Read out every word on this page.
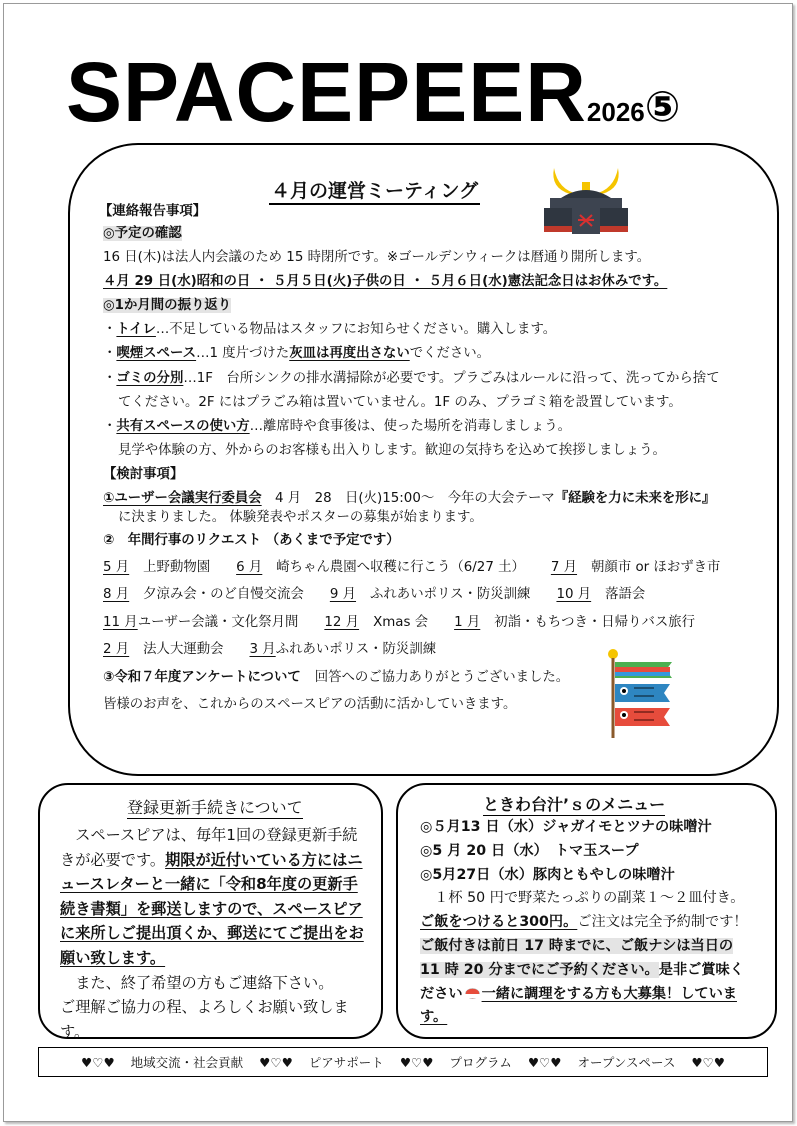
SPACEPEER2026⑤
４月の運営ミーティング
【連絡報告事項】
◎予定の確認
16 日(木)は法人内会議のため 15 時閉所です。※ゴールデンウィークは暦通り開所します。
４月 29 日(水)昭和の日 ・ ５月５日(火)子供の日 ・ ５月６日(水)憲法記念日はお休みです。
◎1か月間の振り返り
・トイレ…不足している物品はスタッフにお知らせください。購入します。
・喫煙スペース…1 度片づけた灰皿は再度出さないでください。
・ゴミの分別…1F　台所シンクの排水溝掃除が必要です。プラごみはルールに沿って、洗ってから捨て
てください。2F にはプラごみ箱は置いていません。1F のみ、プラゴミ箱を設置しています。
・共有スペースの使い方…離席時や食事後は、使った場所を消毒しましょう。
見学や体験の方、外からのお客様も出入りします。歓迎の気持ちを込めて挨拶しましょう。
【検討事項】
①ユーザー会議実行委員会　4 月　28　日(火)15:00～　今年の大会テーマ『経験を力に未来を形に』
に決まりました。 体験発表やポスターの募集が始まります。
②　年間行事のリクエスト （あくまで予定です）
5 月 上野動物園 6 月 崎ちゃん農園へ収穫に行こう（6/27 土） 7 月 朝顔市 or ほおずき市
8 月 夕涼み会・のど自慢交流会 9 月 ふれあいポリス・防災訓練 10 月 落語会
11 月ユーザー会議・文化祭月間 12 月 Xmas 会 1 月 初詣・もちつき・日帰りバス旅行
2 月 法人大運動会 3 月ふれあいポリス・防災訓練
③令和７年度アンケートについて 回答へのご協力ありがとうございました。
皆様のお声を、これからのスペースピアの活動に活かしていきます。
登録更新手続きについて

　スペースピアは、毎年1回の登録更新手続きが必要です。期限が近付いている方にはニュースレターと一緒に「令和8年度の更新手続き書類」を郵送しますので、スペースピアに来所しご提出頂くか、郵送にてご提出をお願い致します。

　また、終了希望の方もご連絡下さい。

ご理解ご協力の程、よろしくお願い致します。

ときわ台汁’ｓのメニュー

◎５月13 日（水）ジャガイモとツナの味噌汁

◎5 月 20 日（水）　トマ玉スープ

◎5月27日（水）豚肉ともやしの味噌汁

　１杯 50 円で野菜たっぷりの副菜１～２皿付き。ご飯をつけると300円。ご注文は完全予約制です！ご飯付きは前日 17 時までに、ご飯ナシは当日の 11 時 20 分までにご予約ください。是非ご賞味ください 一緒に調理をする方も大募集！しています。

♥♡♥ 地域交流・社会貢献 ♥♡♥ ピアサポート ♥♡♥ プログラム ♥♡♥ オープンスペース ♥♡♥
